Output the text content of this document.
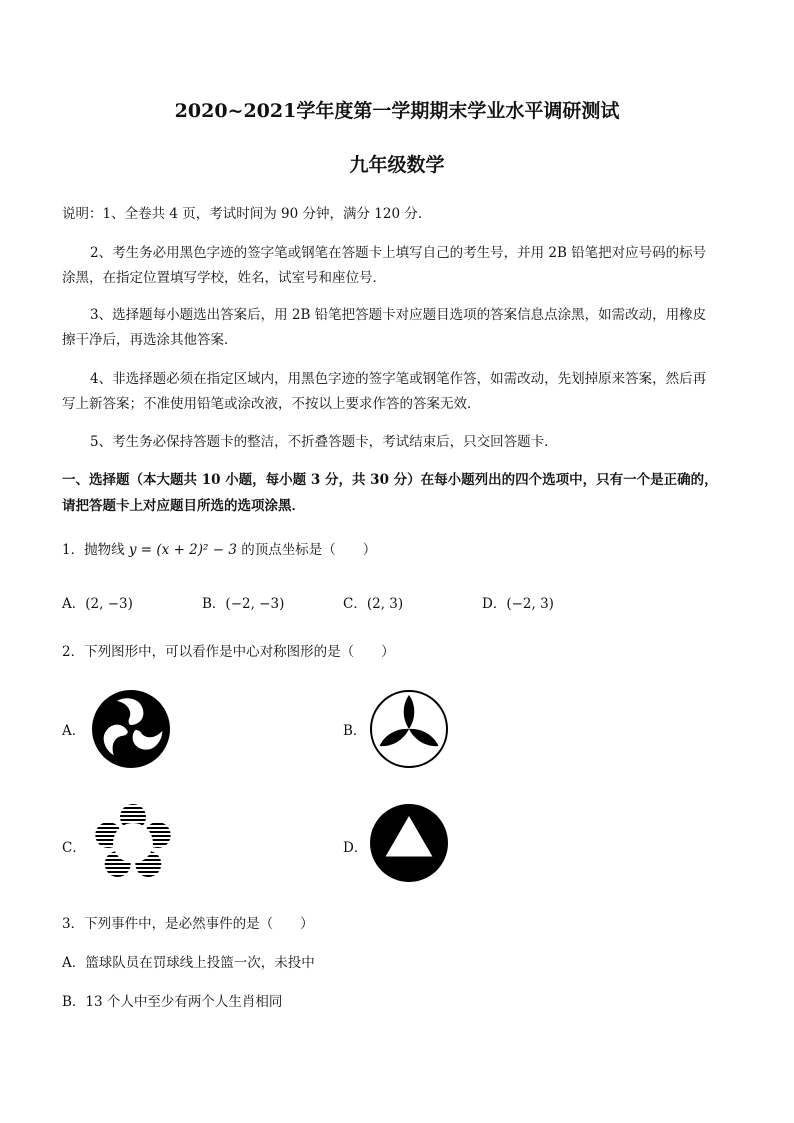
2020~2021学年度第一学期期末学业水平调研测试
九年级数学
说明：1、全卷共 4 页，考试时间为 90 分钟，满分 120 分．
2、考生务必用黑色字迹的签字笔或钢笔在答题卡上填写自己的考生号，并用 2B 铅笔把对应号码的标号
涂黑，在指定位置填写学校，姓名，试室号和座位号．
3、选择题每小题选出答案后，用 2B 铅笔把答题卡对应题目选项的答案信息点涂黑，如需改动，用橡皮
擦干净后，再选涂其他答案．
4、非选择题必须在指定区域内，用黑色字迹的签字笔或钢笔作答，如需改动，先划掉原来答案，然后再
写上新答案；不准使用铅笔或涂改液，不按以上要求作答的答案无效．
5、考生务必保持答题卡的整洁，不折叠答题卡，考试结束后，只交回答题卡．
一、选择题（本大题共 10 小题，每小题 3 分，共 30 分）在每小题列出的四个选项中，只有一个是正确的，
请把答题卡上对应题目所选的选项涂黑．
1．抛物线 y = (x + 2)² − 3 的顶点坐标是（　　）
A．(2, −3)	B．(−2, −3)	C．(2, 3)	D．(−2, 3)
2．下列图形中，可以看作是中心对称图形的是（　　）
A．	B．
C．	D．
3．下列事件中，是必然事件的是（　　）
A．篮球队员在罚球线上投篮一次，未投中
B．13 个人中至少有两个人生肖相同
